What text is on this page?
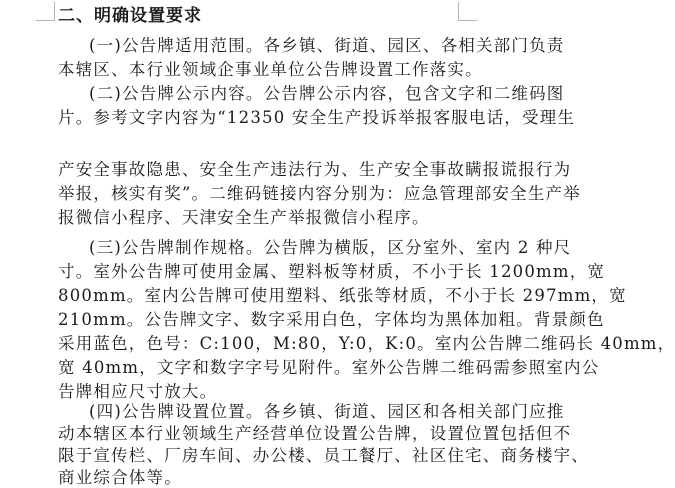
二、明确设置要求
(一)公告牌适用范围。各乡镇、街道、园区、各相关部门负责
本辖区、本行业领域企事业单位公告牌设置工作落实。
(二)公告牌公示内容。公告牌公示内容，包含文字和二维码图
片。参考文字内容为“12350 安全生产投诉举报客服电话，受理生
产安全事故隐患、安全生产违法行为、生产安全事故瞒报谎报行为
举报，核实有奖”。二维码链接内容分别为：应急管理部安全生产举
报微信小程序、天津安全生产举报微信小程序。
(三)公告牌制作规格。公告牌为横版，区分室外、室内 2 种尺
寸。室外公告牌可使用金属、塑料板等材质，不小于长 1200mm，宽
800mm。室内公告牌可使用塑料、纸张等材质，不小于长 297mm，宽
210mm。公告牌文字、数字采用白色，字体均为黑体加粗。背景颜色
采用蓝色，色号：C:100，M:80，Y:0，K:0。室内公告牌二维码长 40mm，
宽 40mm，文字和数字字号见附件。室外公告牌二维码需参照室内公
告牌相应尺寸放大。
(四)公告牌设置位置。各乡镇、街道、园区和各相关部门应推
动本辖区本行业领域生产经营单位设置公告牌，设置位置包括但不
限于宣传栏、厂房车间、办公楼、员工餐厅、社区住宅、商务楼宇、
商业综合体等。
